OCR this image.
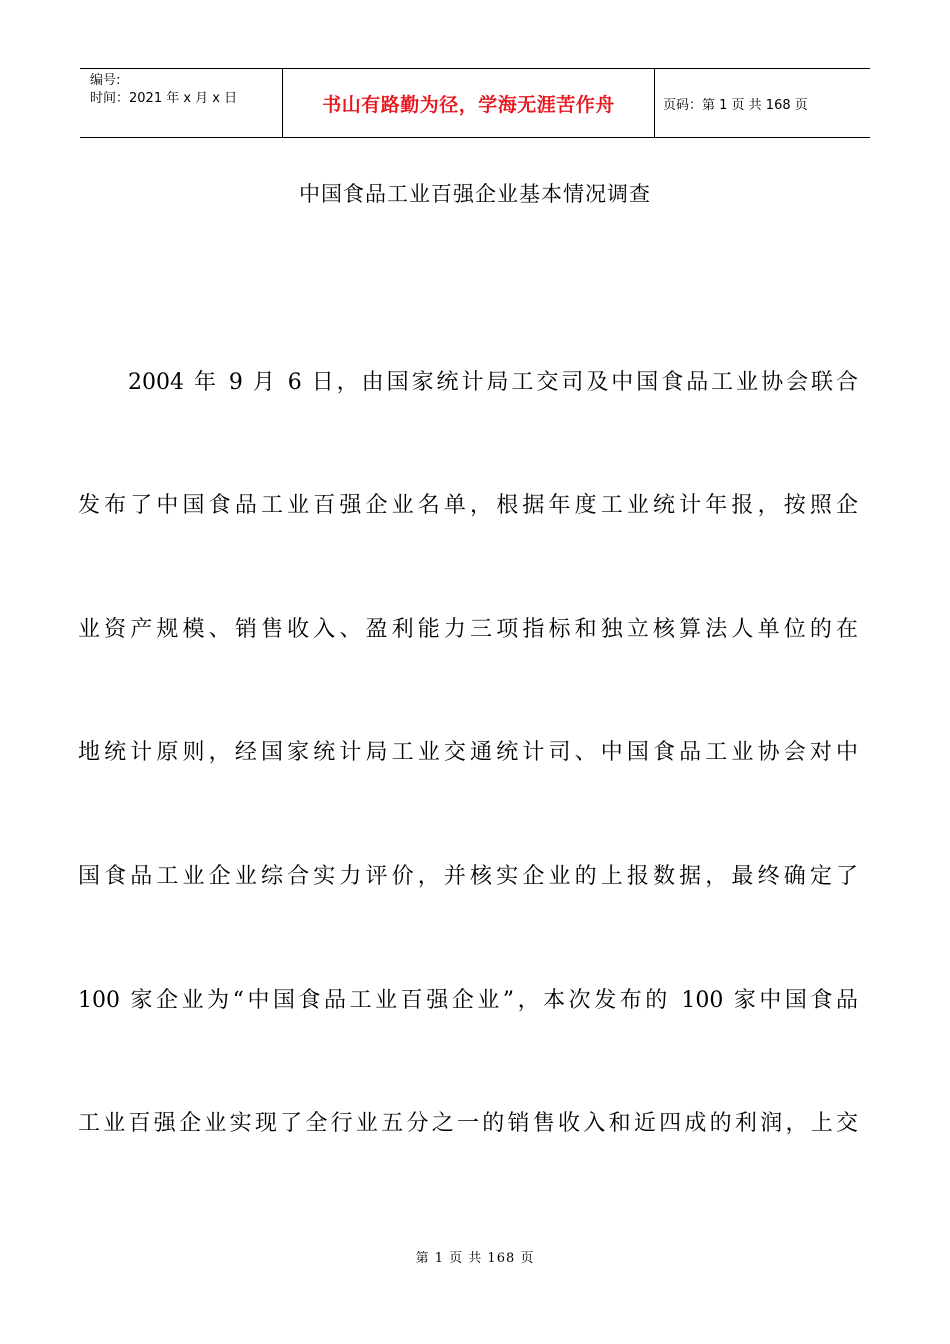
编号:
时间：2021 年 x 月 x 日	书山有路勤为径，学海无涯苦作舟	页码：第 1 页 共 168 页
中国食品工业百强企业基本情况调查
2004 年 9 月 6 日，由国家统计局工交司及中国食品工业协会联合
发布了中国食品工业百强企业名单，根据年度工业统计年报，按照企
业资产规模、销售收入、盈利能力三项指标和独立核算法人单位的在
地统计原则，经国家统计局工业交通统计司、中国食品工业协会对中
国食品工业企业综合实力评价，并核实企业的上报数据，最终确定了
100 家企业为“中国食品工业百强企业”，本次发布的 100 家中国食品
工业百强企业实现了全行业五分之一的销售收入和近四成的利润，上交
第 1 页 共 168 页
